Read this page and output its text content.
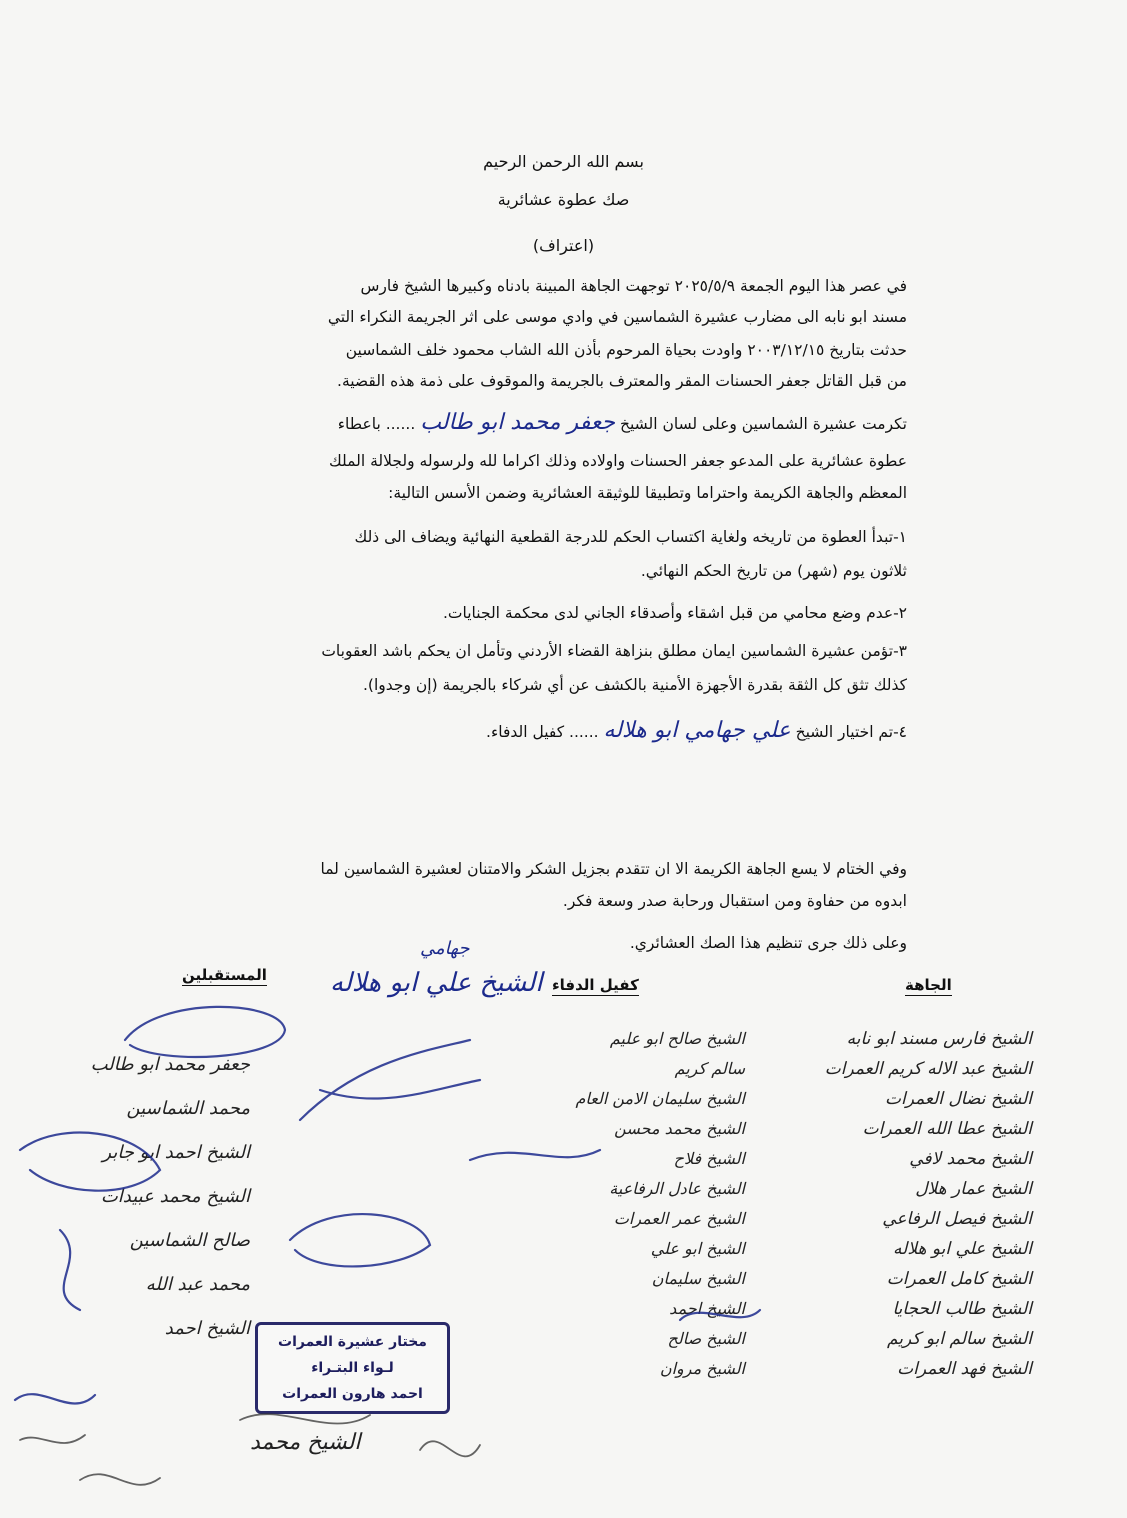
بسم الله الرحمن الرحيم
صك عطوة عشائرية
(اعتراف)
في عصر هذا اليوم الجمعة ٢٠٢٥/٥/٩ توجهت الجاهة المبينة بادناه وكبيرها الشيخ فارس
مسند ابو نابه الى مضارب عشيرة الشماسين في وادي موسى على اثر الجريمة النكراء التي
حدثت بتاريخ ٢٠٠٣/١٢/١٥ واودت بحياة المرحوم بأذن الله الشاب محمود خلف الشماسين
من قبل القاتل جعفر الحسنات المقر والمعترف بالجريمة والموقوف على ذمة هذه القضية.
تكرمت عشيرة الشماسين وعلى لسان الشيخ جعفر محمد ابو طالب ...... باعطاء
عطوة عشائرية على المدعو جعفر الحسنات واولاده وذلك اكراما لله ولرسوله ولجلالة الملك
المعظم والجاهة الكريمة واحتراما وتطبيقا للوثيقة العشائرية وضمن الأسس التالية:
١-تبدأ العطوة من تاريخه ولغاية اكتساب الحكم للدرجة القطعية النهائية ويضاف الى ذلك
ثلاثون يوم (شهر) من تاريخ الحكم النهائي.
٢-عدم وضع محامي من قبل اشقاء وأصدقاء الجاني لدى محكمة الجنايات.
٣-تؤمن عشيرة الشماسين ايمان مطلق بنزاهة القضاء الأردني وتأمل ان يحكم باشد العقوبات
كذلك تثق كل الثقة بقدرة الأجهزة الأمنية بالكشف عن أي شركاء بالجريمة (إن وجدوا).
٤-تم اختيار الشيخ علي جهامي ابو هلاله ...... كفيل الدفاء.
وفي الختام لا يسع الجاهة الكريمة الا ان تتقدم بجزيل الشكر والامتنان لعشيرة الشماسين لما
ابدوه من حفاوة ومن استقبال ورحابة صدر وسعة فكر.
وعلى ذلك جرى تنظيم هذا الصك العشائري.
الجاهة
كفيل الدفاء
المستقبلين الشيخ علي ابو هلاله
جهامي
الشيخ فارس مسند ابو نابه
الشيخ عبد الاله كريم العمرات
الشيخ نضال العمرات
الشيخ عطا الله العمرات
الشيخ محمد لافي
الشيخ عمار هلال
الشيخ فيصل الرفاعي
الشيخ علي ابو هلاله
الشيخ كامل العمرات
الشيخ طالب الحجايا
الشيخ سالم ابو كريم
الشيخ فهد العمرات
الشيخ صالح ابو عليم
سالم كريم
الشيخ سليمان الامن العام
الشيخ محمد محسن
الشيخ فلاح
الشيخ عادل الرفاعية
الشيخ عمر العمرات
الشيخ ابو علي
الشيخ سليمان
الشيخ احمد
الشيخ صالح
الشيخ مروان
جعفر محمد ابو طالب
محمد الشماسين
الشيخ احمد ابو جابر
الشيخ محمد عبيدات
صالح الشماسين
محمد عبد الله
الشيخ احمد
مختار عشيرة العمرات
لـواء البتـراء
احمد هارون العمرات
الشيخ محمد
